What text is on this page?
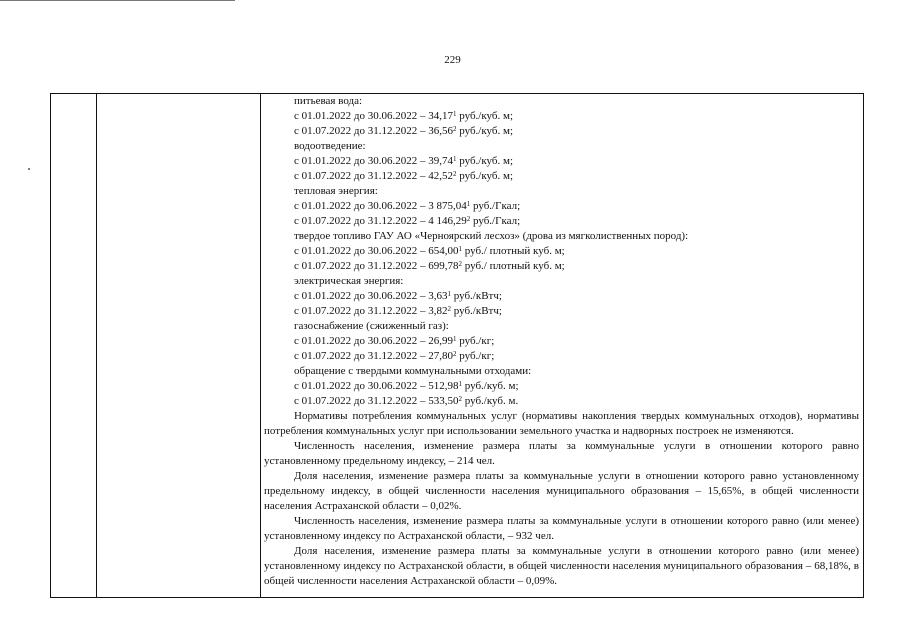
229
питьевая вода:
с 01.01.2022 до 30.06.2022 – 34,17$^1$ руб./куб. м;
с 01.07.2022 до 31.12.2022 – 36,56$^2$ руб./куб. м;
водоотведение:
с 01.01.2022 до 30.06.2022 – 39,74$^1$ руб./куб. м;
с 01.07.2022 до 31.12.2022 – 42,52$^2$ руб./куб. м;
тепловая энергия:
с 01.01.2022 до 30.06.2022 – 3 875,04$^1$ руб./Гкал;
с 01.07.2022 до 31.12.2022 – 4 146,29$^2$ руб./Гкал;
твердое топливо ГАУ АО «Черноярский лесхоз» (дрова из мягколиственных пород):
с 01.01.2022 до 30.06.2022 – 654,00$^1$ руб./ плотный куб. м;
с 01.07.2022 до 31.12.2022 – 699,78$^2$ руб./ плотный куб. м;
электрическая энергия:
с 01.01.2022 до 30.06.2022 – 3,63$^1$ руб./кВтч;
с 01.07.2022 до 31.12.2022 – 3,82$^2$ руб./кВтч;
газоснабжение (сжиженный газ):
с 01.01.2022 до 30.06.2022 – 26,99$^1$ руб./кг;
с 01.07.2022 до 31.12.2022 – 27,80$^2$ руб./кг;
обращение с твердыми коммунальными отходами:
с 01.01.2022 до 30.06.2022 – 512,98$^1$ руб./куб. м;
с 01.07.2022 до 31.12.2022 – 533,50$^2$ руб./куб. м.

Нормативы потребления коммунальных услуг (нормативы накопления твердых коммунальных отходов), нормативы потребления коммунальных услуг при использовании земельного участка и надворных построек не изменяются.

Численность населения, изменение размера платы за коммунальные услуги в отношении которого равно установленному предельному индексу, – 214 чел.

Доля населения, изменение размера платы за коммунальные услуги в отношении которого равно установленному предельному индексу, в общей численности населения муниципального образования – 15,65%, в общей численности населения Астраханской области – 0,02%.

Численность населения, изменение размера платы за коммунальные услуги в отношении которого равно (или менее) установленному индексу по Астраханской области, – 932 чел.

Доля населения, изменение размера платы за коммунальные услуги в отношении которого равно (или менее) установленному индексу по Астраханской области, в общей численности населения муниципального образования – 68,18%, в общей численности населения Астраханской области – 0,09%.
